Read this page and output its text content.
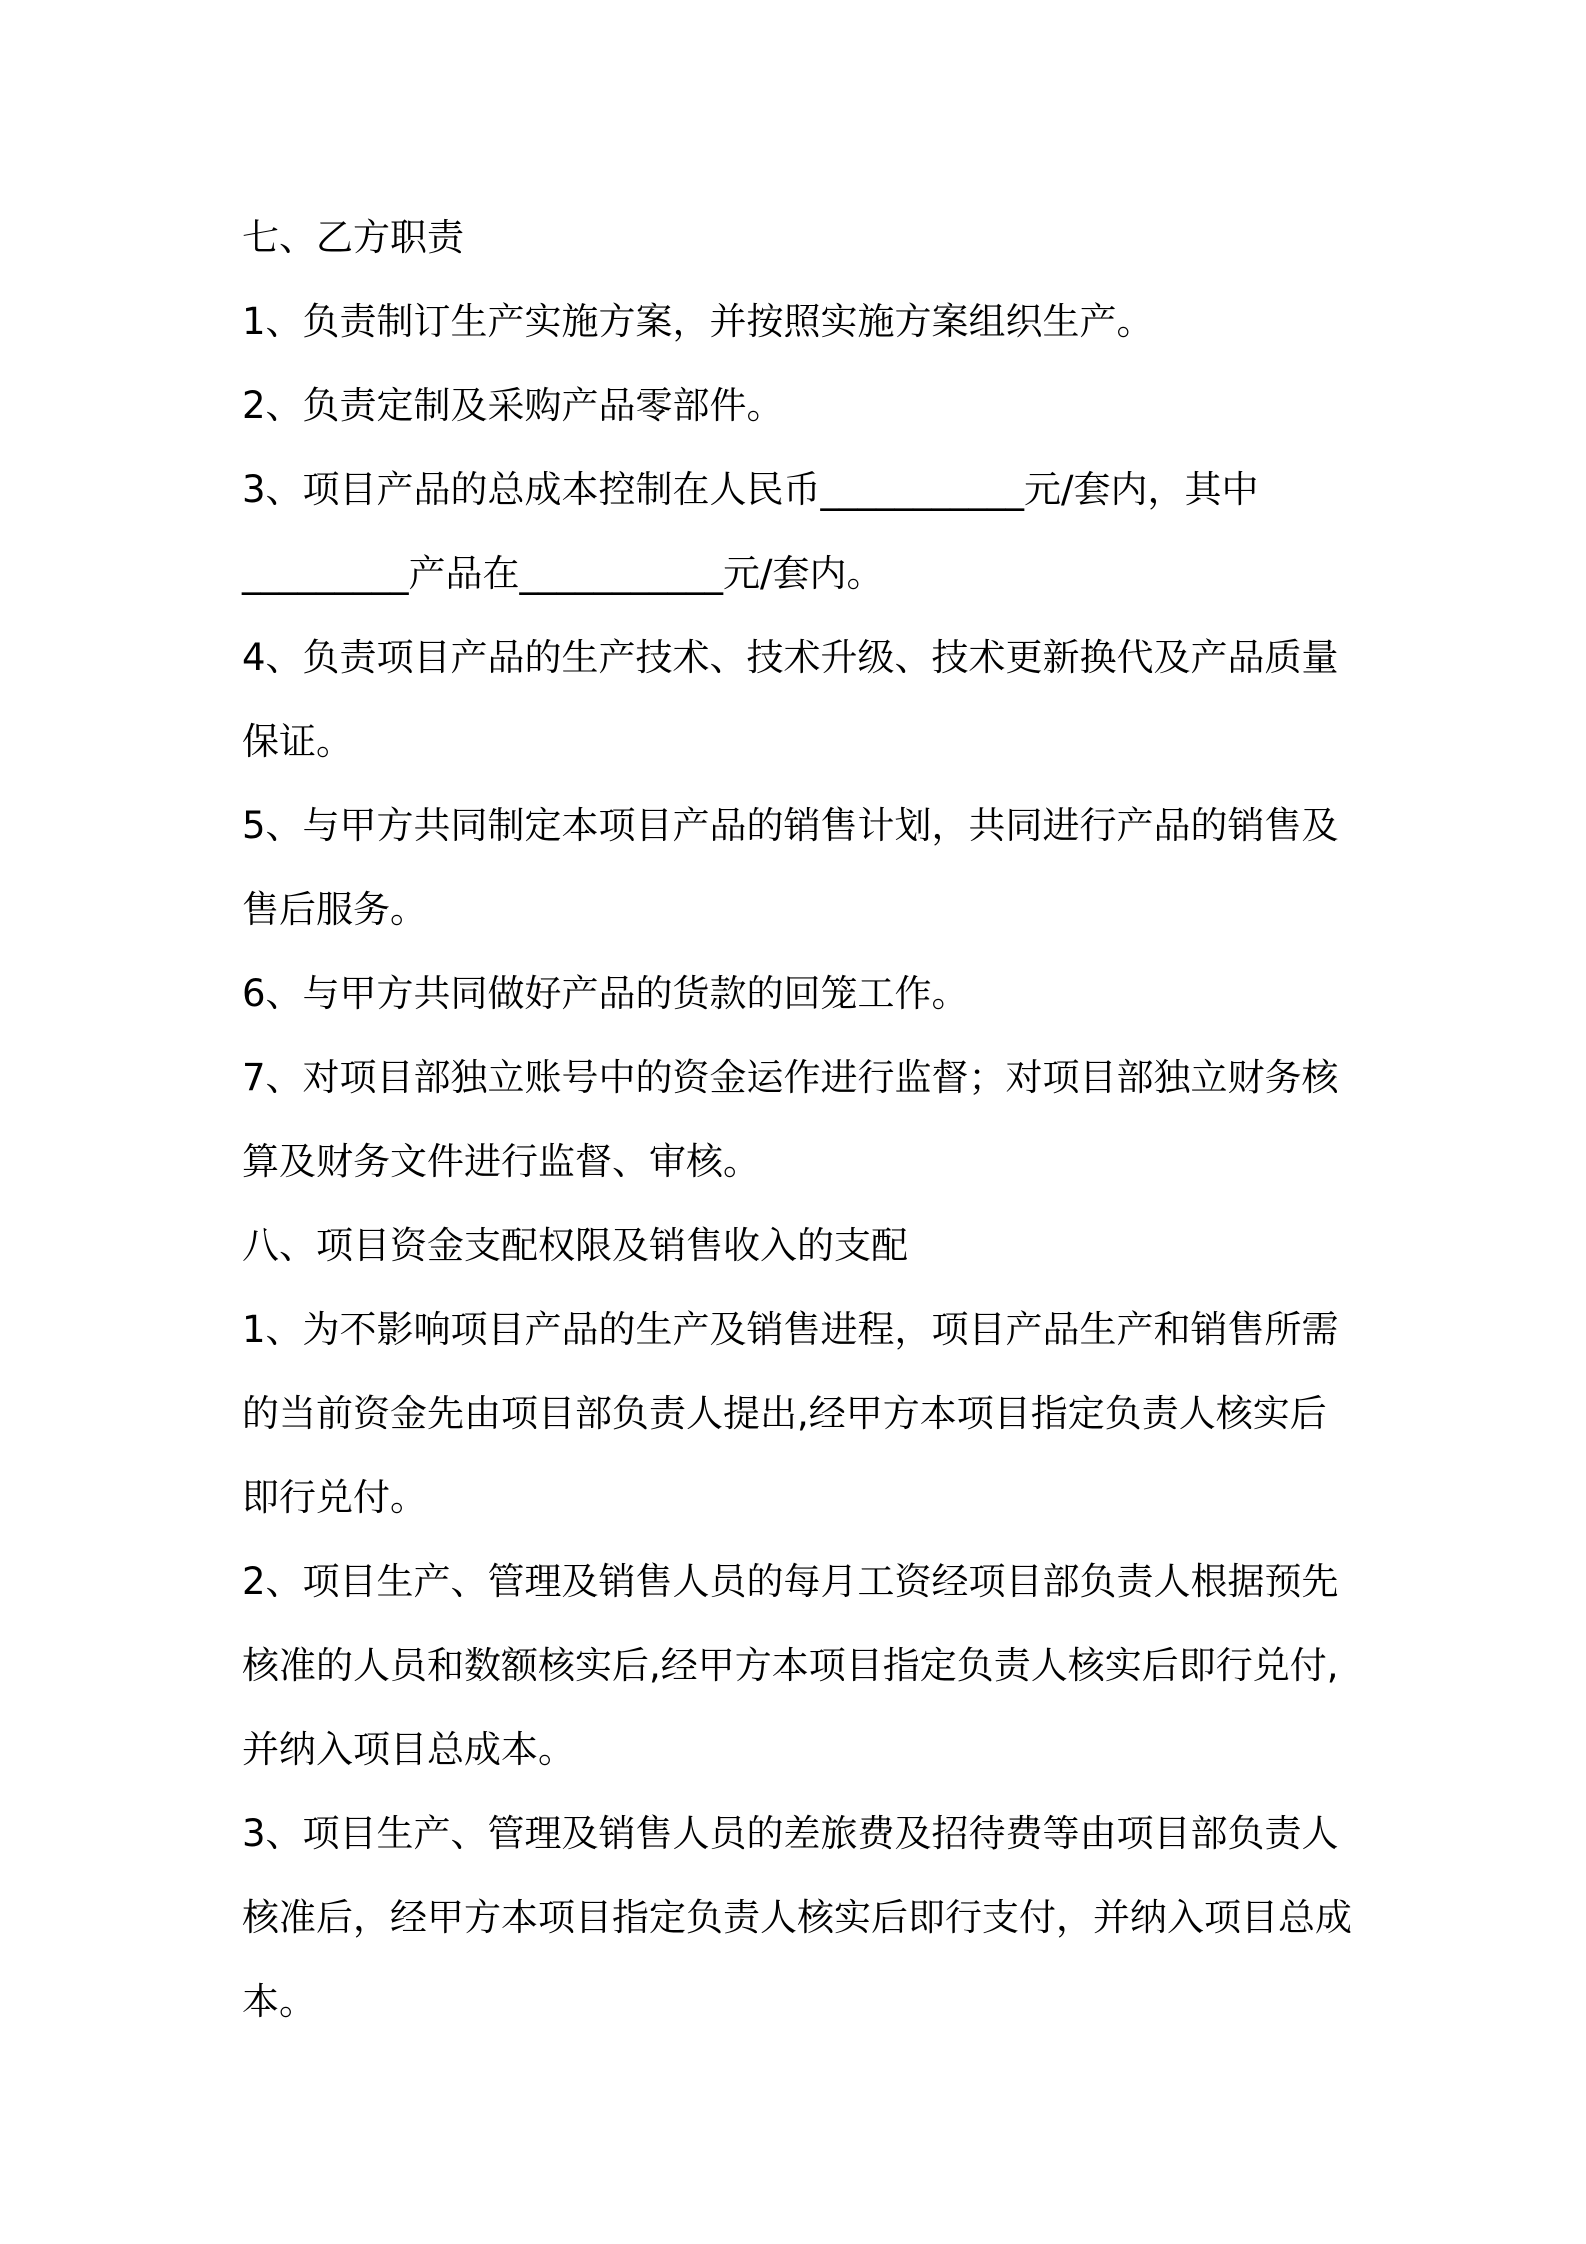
七、乙方职责
1、负责制订生产实施方案，并按照实施方案组织生产。
2、负责定制及采购产品零部件。
3、项目产品的总成本控制在人民币___________元/套内，其中
_________产品在___________元/套内。
4、负责项目产品的生产技术、技术升级、技术更新换代及产品质量
保证。
5、与甲方共同制定本项目产品的销售计划，共同进行产品的销售及
售后服务。
6、与甲方共同做好产品的货款的回笼工作。
7、对项目部独立账号中的资金运作进行监督；对项目部独立财务核
算及财务文件进行监督、审核。
八、项目资金支配权限及销售收入的支配
1、为不影响项目产品的生产及销售进程，项目产品生产和销售所需
的当前资金先由项目部负责人提出,经甲方本项目指定负责人核实后
即行兑付。
2、项目生产、管理及销售人员的每月工资经项目部负责人根据预先
核准的人员和数额核实后,经甲方本项目指定负责人核实后即行兑付,
并纳入项目总成本。
3、项目生产、管理及销售人员的差旅费及招待费等由项目部负责人
核准后，经甲方本项目指定负责人核实后即行支付，并纳入项目总成
本。
